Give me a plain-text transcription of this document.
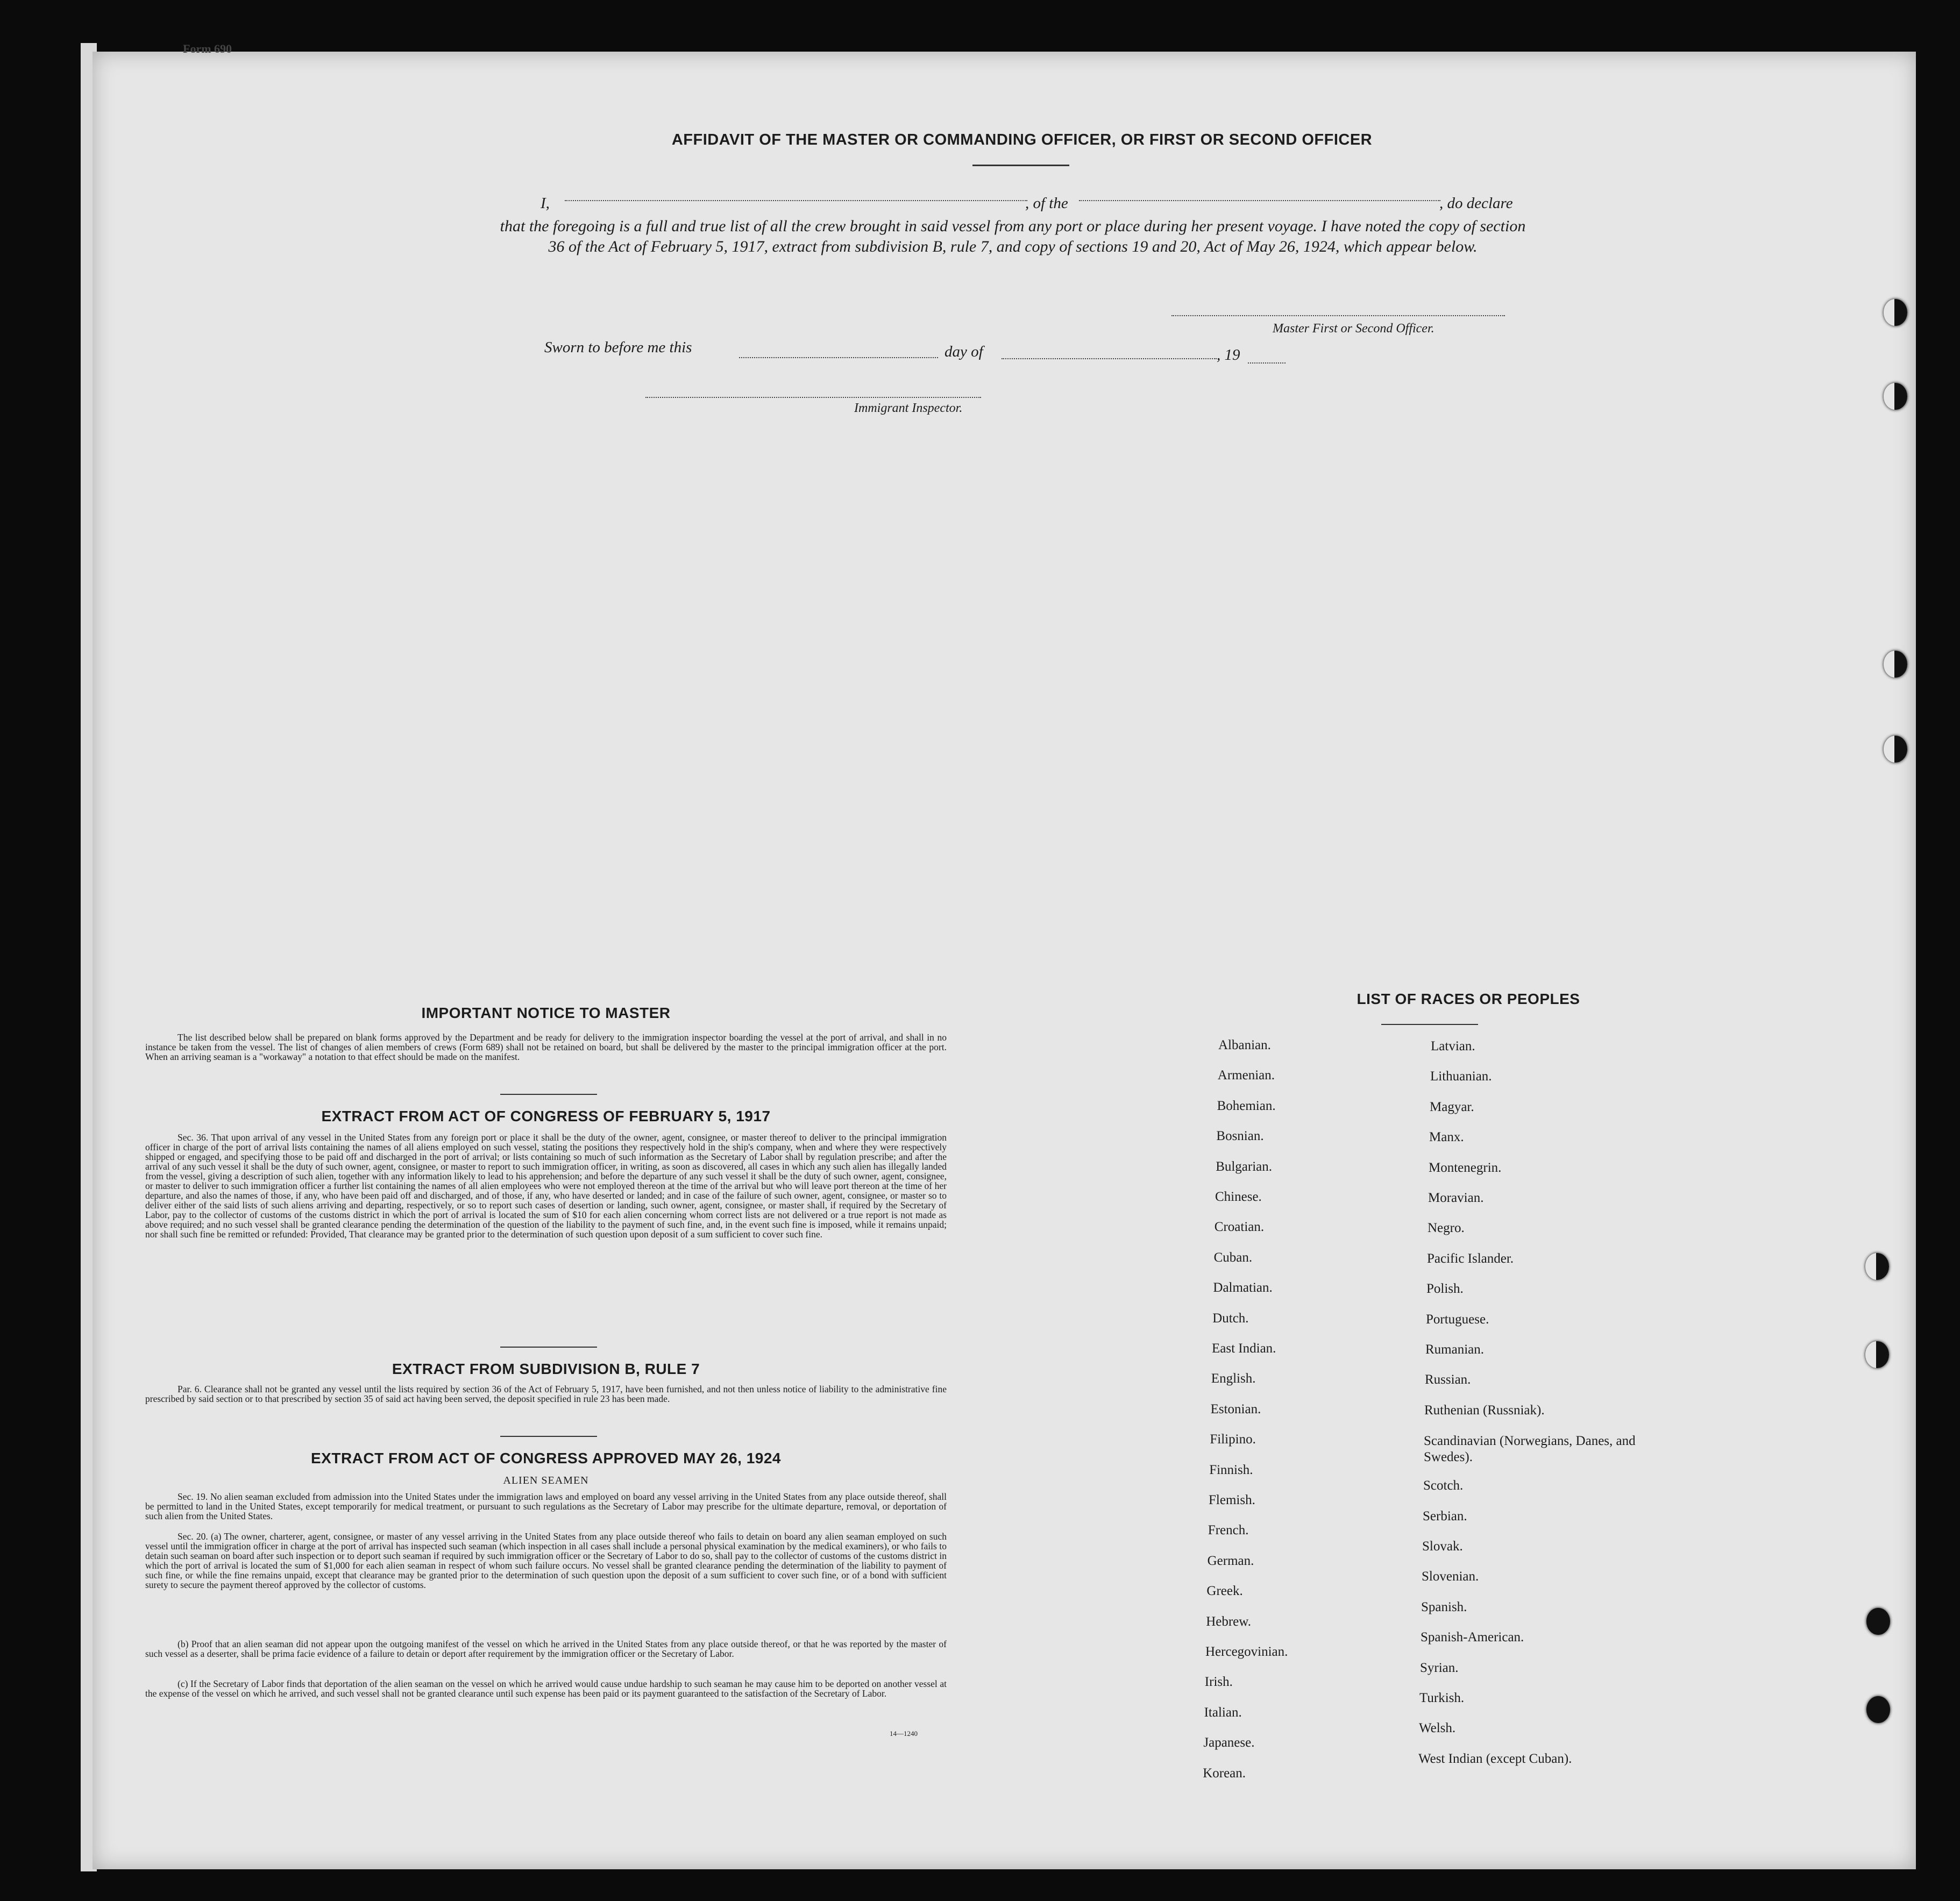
Form 690
AFFIDAVIT OF THE MASTER OR COMMANDING OFFICER, OR FIRST OR SECOND OFFICER
I,	, of the	, do declare
that the foregoing is a full and true list of all the crew brought in said vessel from any port or place during her present voyage. I have noted the copy of section 36 of the Act of February 5, 1917, extract from subdivision B, rule 7, and copy of sections 19 and 20, Act of May 26, 1924, which appear below.
Master First or Second Officer.
Sworn to before me this	day of	, 19
Immigrant Inspector.
IMPORTANT NOTICE TO MASTER
The list described below shall be prepared on blank forms approved by the Department and be ready for delivery to the immigration inspector boarding the vessel at the port of arrival, and shall in no instance be taken from the vessel. The list of changes of alien members of crews (Form 689) shall not be retained on board, but shall be delivered by the master to the principal immigration officer at the port. When an arriving seaman is a "workaway" a notation to that effect should be made on the manifest.
EXTRACT FROM ACT OF CONGRESS OF FEBRUARY 5, 1917
Sec. 36. That upon arrival of any vessel in the United States from any foreign port or place it shall be the duty of the owner, agent, consignee, or master thereof to deliver to the principal immigration officer in charge of the port of arrival lists containing the names of all aliens employed on such vessel, stating the positions they respectively hold in the ship's company, when and where they were respectively shipped or engaged, and specifying those to be paid off and discharged in the port of arrival; or lists containing so much of such information as the Secretary of Labor shall by regulation prescribe; and after the arrival of any such vessel it shall be the duty of such owner, agent, consignee, or master to report to such immigration officer, in writing, as soon as discovered, all cases in which any such alien has illegally landed from the vessel, giving a description of such alien, together with any information likely to lead to his apprehension; and before the departure of any such vessel it shall be the duty of such owner, agent, consignee, or master to deliver to such immigration officer a further list containing the names of all alien employees who were not employed thereon at the time of the arrival but who will leave port thereon at the time of her departure, and also the names of those, if any, who have been paid off and discharged, and of those, if any, who have deserted or landed; and in case of the failure of such owner, agent, consignee, or master so to deliver either of the said lists of such aliens arriving and departing, respectively, or so to report such cases of desertion or landing, such owner, agent, consignee, or master shall, if required by the Secretary of Labor, pay to the collector of customs of the customs district in which the port of arrival is located the sum of $10 for each alien concerning whom correct lists are not delivered or a true report is not made as above required; and no such vessel shall be granted clearance pending the determination of the question of the liability to the payment of such fine, and, in the event such fine is imposed, while it remains unpaid; nor shall such fine be remitted or refunded: Provided, That clearance may be granted prior to the determination of such question upon deposit of a sum sufficient to cover such fine.
EXTRACT FROM SUBDIVISION B, RULE 7
Par. 6. Clearance shall not be granted any vessel until the lists required by section 36 of the Act of February 5, 1917, have been furnished, and not then unless notice of liability to the administrative fine prescribed by said section or to that prescribed by section 35 of said act having been served, the deposit specified in rule 23 has been made.
EXTRACT FROM ACT OF CONGRESS APPROVED MAY 26, 1924
ALIEN SEAMEN
Sec. 19. No alien seaman excluded from admission into the United States under the immigration laws and employed on board any vessel arriving in the United States from any place outside thereof, shall be permitted to land in the United States, except temporarily for medical treatment, or pursuant to such regulations as the Secretary of Labor may prescribe for the ultimate departure, removal, or deportation of such alien from the United States.
Sec. 20. (a) The owner, charterer, agent, consignee, or master of any vessel arriving in the United States from any place outside thereof who fails to detain on board any alien seaman employed on such vessel until the immigration officer in charge at the port of arrival has inspected such seaman (which inspection in all cases shall include a personal physical examination by the medical examiners), or who fails to detain such seaman on board after such inspection or to deport such seaman if required by such immigration officer or the Secretary of Labor to do so, shall pay to the collector of customs of the customs district in which the port of arrival is located the sum of $1,000 for each alien seaman in respect of whom such failure occurs. No vessel shall be granted clearance pending the determination of the liability to payment of such fine, or while the fine remains unpaid, except that clearance may be granted prior to the determination of such question upon the deposit of a sum sufficient to cover such fine, or of a bond with sufficient surety to secure the payment thereof approved by the collector of customs.
(b) Proof that an alien seaman did not appear upon the outgoing manifest of the vessel on which he arrived in the United States from any place outside thereof, or that he was reported by the master of such vessel as a deserter, shall be prima facie evidence of a failure to detain or deport after requirement by the immigration officer or the Secretary of Labor.
(c) If the Secretary of Labor finds that deportation of the alien seaman on the vessel on which he arrived would cause undue hardship to such seaman he may cause him to be deported on another vessel at the expense of the vessel on which he arrived, and such vessel shall not be granted clearance until such expense has been paid or its payment guaranteed to the satisfaction of the Secretary of Labor.
14—1240
LIST OF RACES OR PEOPLES
Albanian.
Armenian.
Bohemian.
Bosnian.
Bulgarian.
Chinese.
Croatian.
Cuban.
Dalmatian.
Dutch.
East Indian.
English.
Estonian.
Filipino.
Finnish.
Flemish.
French.
German.
Greek.
Hebrew.
Hercegovinian.
Irish.
Italian.
Japanese.
Korean.
Latvian.
Lithuanian.
Magyar.
Manx.
Montenegrin.
Moravian.
Negro.
Pacific Islander.
Polish.
Portuguese.
Rumanian.
Russian.
Ruthenian (Russniak).
Scandinavian (Norwegians, Danes, and Swedes).
Scotch.
Serbian.
Slovak.
Slovenian.
Spanish.
Spanish-American.
Syrian.
Turkish.
Welsh.
West Indian (except Cuban).
